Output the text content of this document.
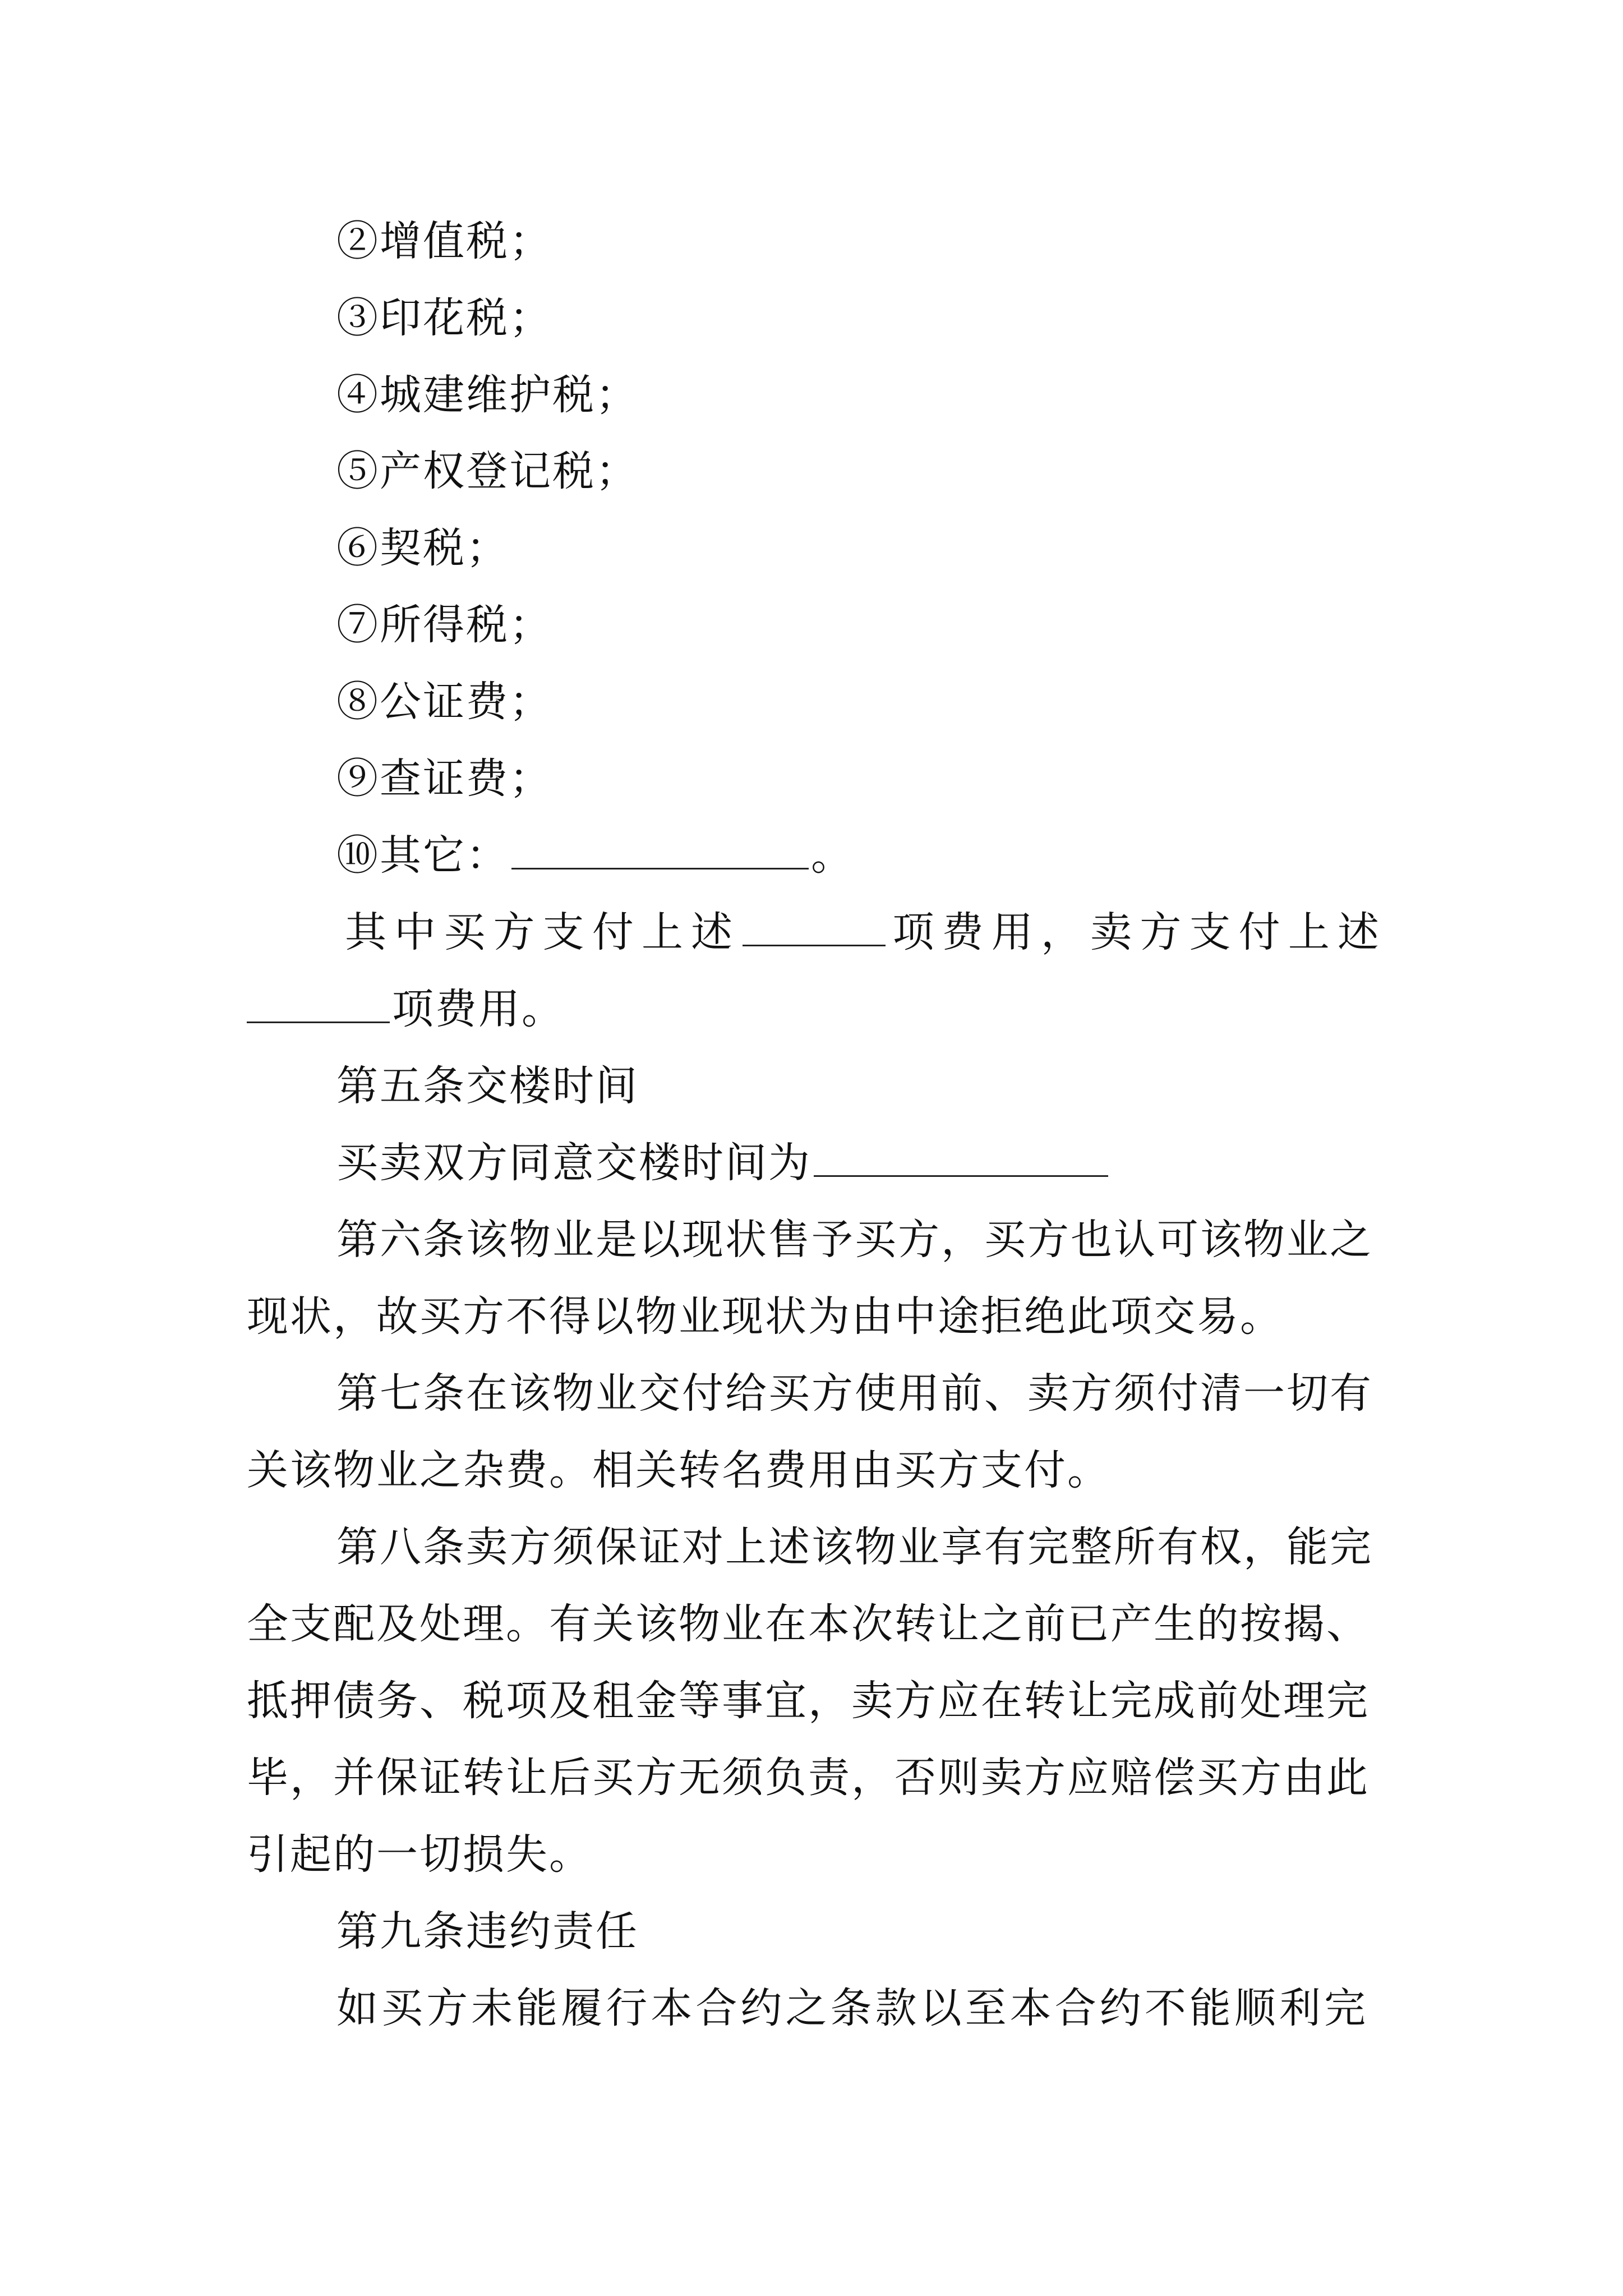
②增值税；
③印花税；
④城建维护税；
⑤产权登记税；
⑥契税；
⑦所得税；
⑧公证费；
⑨查证费；
⑩其它：	。
其中买方支付上述	项费用，卖方支付上述
项费用。
第五条交楼时间
买卖双方同意交楼时间为
第六条该物业是以现状售予买方，买方也认可该物业之
现状，故买方不得以物业现状为由中途拒绝此项交易。
第七条在该物业交付给买方使用前、卖方须付清一切有
关该物业之杂费。相关转名费用由买方支付。
第八条卖方须保证对上述该物业享有完整所有权，能完
全支配及处理。有关该物业在本次转让之前已产生的按揭、
抵押债务、税项及租金等事宜，卖方应在转让完成前处理完
毕，并保证转让后买方无须负责，否则卖方应赔偿买方由此
引起的一切损失。
第九条违约责任
如买方未能履行本合约之条款以至本合约不能顺利完
